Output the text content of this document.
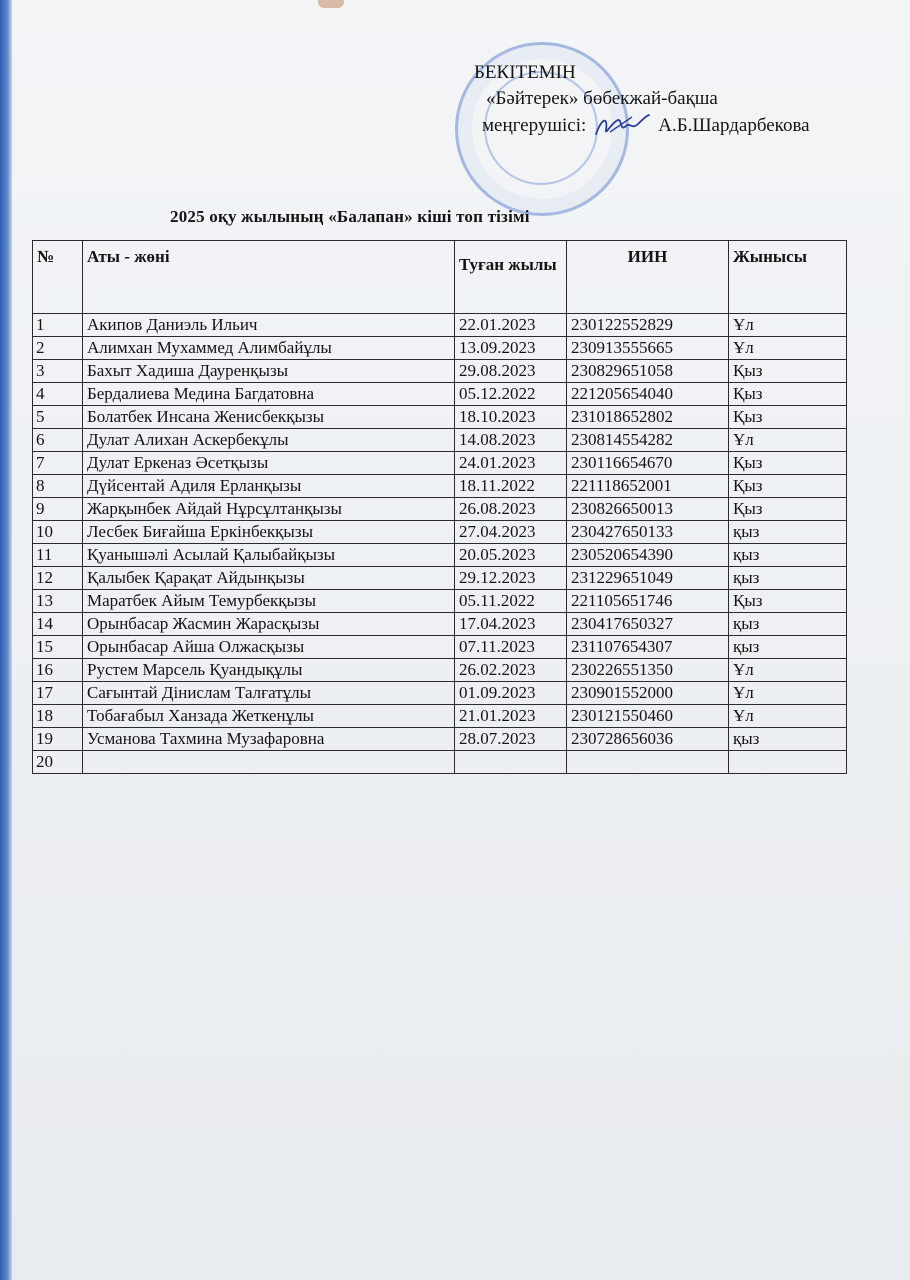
БЕКІТЕМІН
«Бәйтерек» бөбекжай-бақша
меңгерушісі:	А.Б.Шардарбекова
2025 оқу жылының «Балапан» кіші топ тізімі
№	Аты - жөні	Туған жылы	ИИН	Жынысы
1	Акипов Даниэль Ильич	22.01.2023	230122552829	Ұл
2	Алимхан Мухаммед Алимбайұлы	13.09.2023	230913555665	Ұл
3	Бахыт Хадиша Дауренқызы	29.08.2023	230829651058	Қыз
4	Бердалиева Медина Багдатовна	05.12.2022	221205654040	Қыз
5	Болатбек Инсана Женисбекқызы	18.10.2023	231018652802	Қыз
6	Дулат Алихан Аскербекұлы	14.08.2023	230814554282	Ұл
7	Дулат Еркеназ Әсетқызы	24.01.2023	230116654670	Қыз
8	Дүйсентай Адиля Ерланқызы	18.11.2022	221118652001	Қыз
9	Жарқынбек Айдай Нұрсұлтанқызы	26.08.2023	230826650013	Қыз
10	Лесбек Биғайша Еркінбекқызы	27.04.2023	230427650133	қыз
11	Қуанышәлі Асылай Қалыбайқызы	20.05.2023	230520654390	қыз
12	Қалыбек Қарақат Айдынқызы	29.12.2023	231229651049	қыз
13	Маратбек Айым Темурбекқызы	05.11.2022	221105651746	Қыз
14	Орынбасар Жасмин Жарасқызы	17.04.2023	230417650327	қыз
15	Орынбасар Айша Олжасқызы	07.11.2023	231107654307	қыз
16	Рустем Марсель Қуандықұлы	26.02.2023	230226551350	Ұл
17	Сағынтай Дінислам Талғатұлы	01.09.2023	230901552000	Ұл
18	Тобағабыл Ханзада Жеткенұлы	21.01.2023	230121550460	Ұл
19	Усманова Тахмина Музафаровна	28.07.2023	230728656036	қыз
20				
